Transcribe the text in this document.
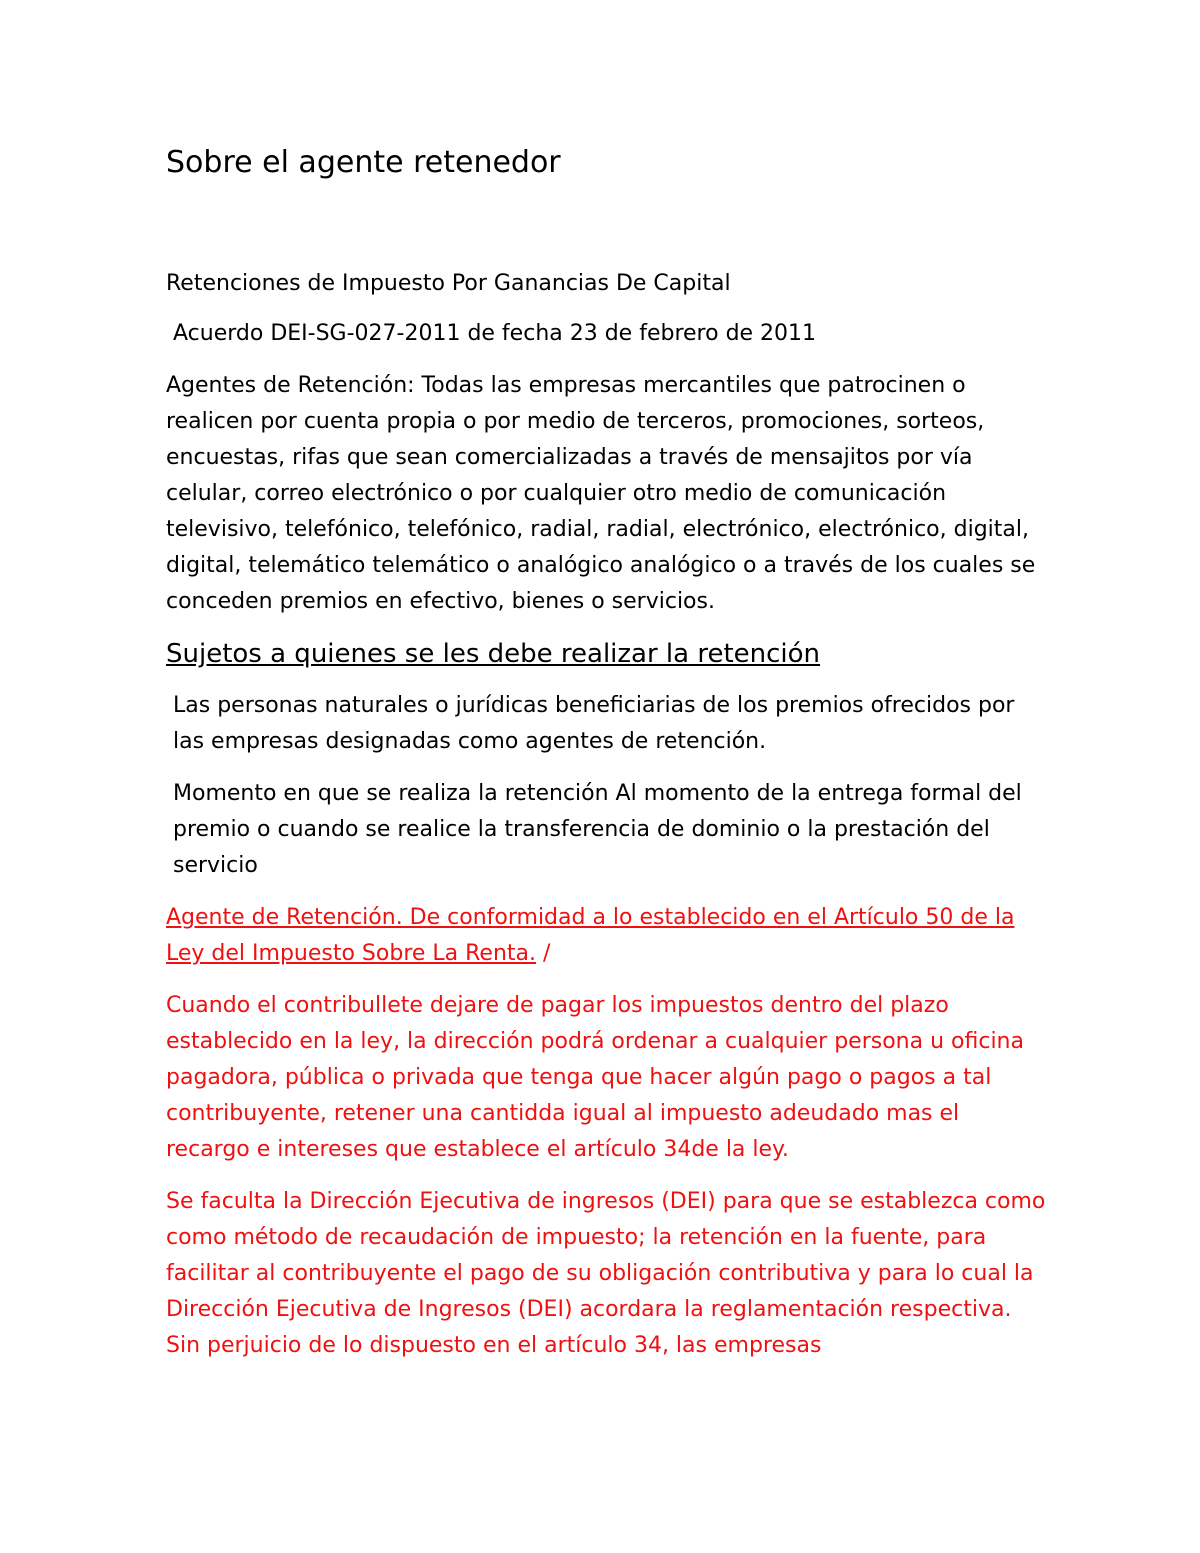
Sobre el agente retenedor

Retenciones de Impuesto Por Ganancias De Capital

Acuerdo DEI-SG-027-2011 de fecha 23 de febrero de 2011

Agentes de Retención: Todas las empresas mercantiles que patrocinen o realicen por cuenta propia o por medio de terceros, promociones, sorteos, encuestas, rifas que sean comercializadas a través de mensajitos por vía celular, correo electrónico o por cualquier otro medio de comunicación televisivo, telefónico, telefónico, radial, radial, electrónico, electrónico, digital, digital, telemático telemático o analógico analógico o a través de los cuales se conceden premios en efectivo, bienes o servicios.

Sujetos a quienes se les debe realizar la retención

Las personas naturales o jurídicas beneficiarias de los premios ofrecidos por las empresas designadas como agentes de retención.

Momento en que se realiza la retención Al momento de la entrega formal del premio o cuando se realice la transferencia de dominio o la prestación del servicio

Agente de Retención. De conformidad a lo establecido en el Artículo 50 de la Ley del Impuesto Sobre La Renta. /

Cuando el contribullete dejare de pagar los impuestos dentro del plazo establecido en la ley, la dirección podrá ordenar a cualquier persona u oficina pagadora, pública o privada que tenga que hacer algún pago o pagos a tal contribuyente, retener una cantidda igual al impuesto adeudado mas el recargo e intereses que establece el artículo 34de la ley.

Se faculta la Dirección Ejecutiva de ingresos (DEI) para que se establezca como como método de recaudación de impuesto; la retención en la fuente, para facilitar al contribuyente el pago de su obligación contributiva y para lo cual la Dirección Ejecutiva de Ingresos (DEI) acordara la reglamentación respectiva. Sin perjuicio de lo dispuesto en el artículo 34, las empresas
